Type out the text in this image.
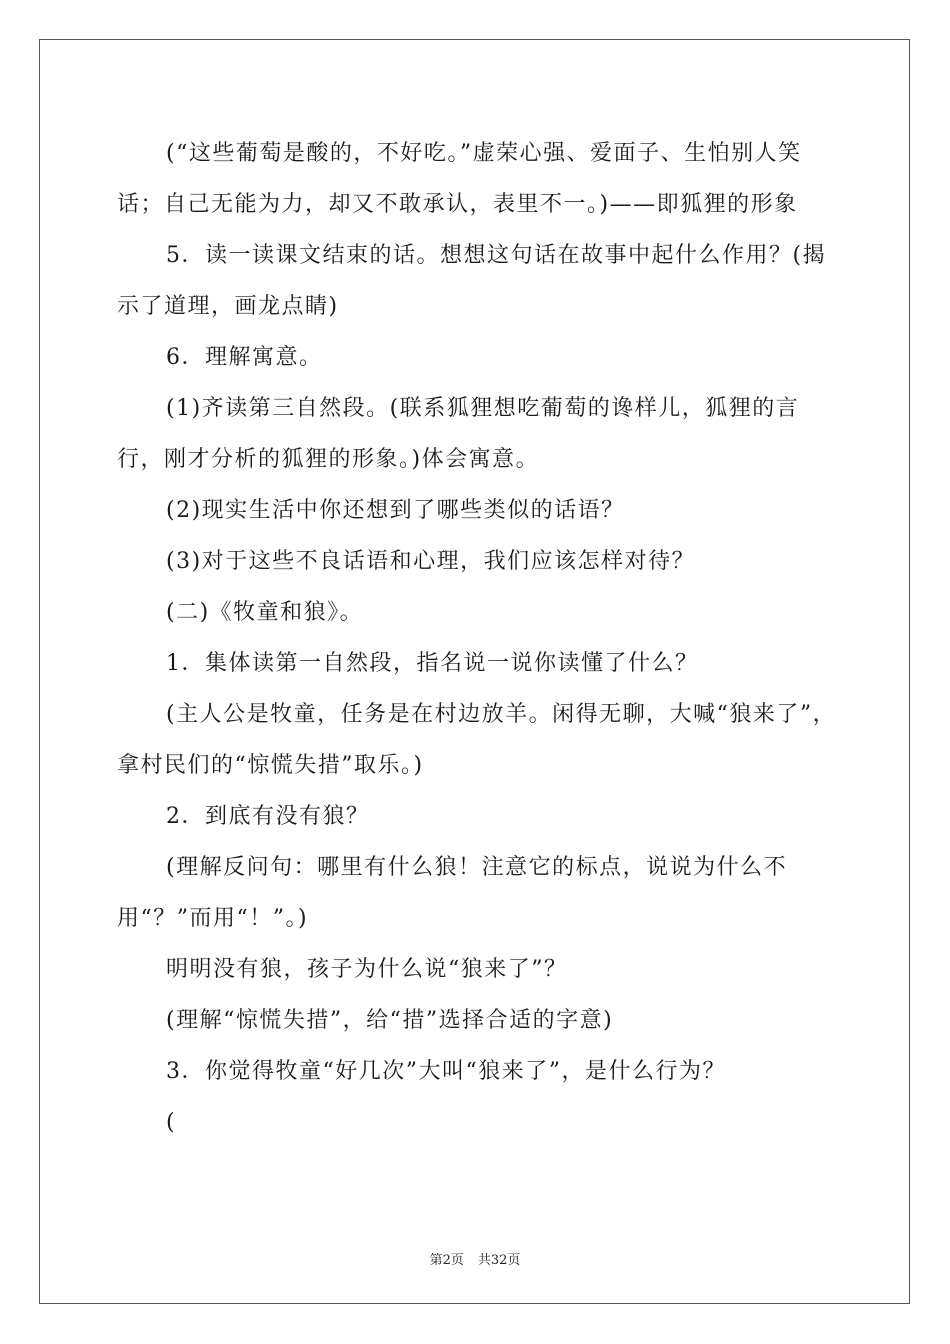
(“这些葡萄是酸的，不好吃。”虚荣心强、爱面子、生怕别人笑话；自己无能为力，却又不敢承认，表里不一。)——即狐狸的形象

5．读一读课文结束的话。想想这句话在故事中起什么作用？(揭示了道理，画龙点睛)

6．理解寓意。

(1)齐读第三自然段。(联系狐狸想吃葡萄的谗样儿，狐狸的言行，刚才分析的狐狸的形象。)体会寓意。

(2)现实生活中你还想到了哪些类似的话语？

(3)对于这些不良话语和心理，我们应该怎样对待？

(二)《牧童和狼》。

1．集体读第一自然段，指名说一说你读懂了什么？

(主人公是牧童，任务是在村边放羊。闲得无聊，大喊“狼来了”，拿村民们的“惊慌失措”取乐。)

2．到底有没有狼？

(理解反问句：哪里有什么狼！注意它的标点，说说为什么不用“？”而用“！”。)

明明没有狼，孩子为什么说“狼来了”？

(理解“惊慌失措”，给“措”选择合适的字意)

3．你觉得牧童“好几次”大叫“狼来了”，是什么行为？

(

第2页 共32页
